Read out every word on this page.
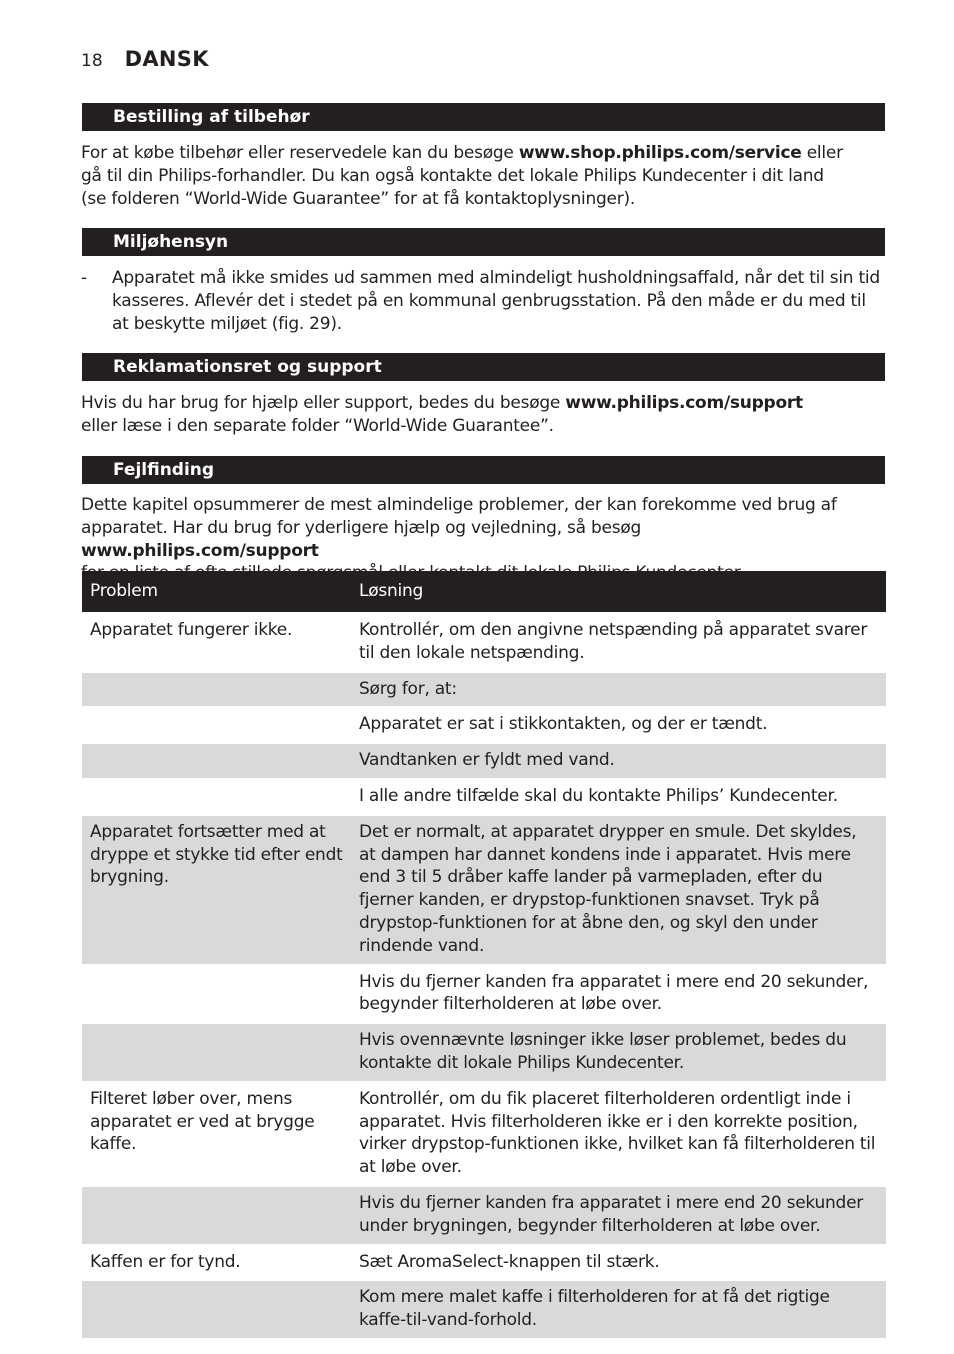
18 DANSK
Bestilling af tilbehør
For at købe tilbehør eller reservedele kan du besøge www.shop.philips.com/service eller
gå til din Philips-forhandler. Du kan også kontakte det lokale Philips Kundecenter i dit land
(se folderen “World-Wide Guarantee” for at få kontaktoplysninger).
Miljøhensyn
- Apparatet må ikke smides ud sammen med almindeligt husholdningsaffald, når det til sin tid
kasseres. Aflevér det i stedet på en kommunal genbrugsstation. På den måde er du med til
at beskytte miljøet (fig. 29).
Reklamationsret og support
Hvis du har brug for hjælp eller support, bedes du besøge www.philips.com/support
eller læse i den separate folder “World-Wide Guarantee”.
Fejlfinding
Dette kapitel opsummerer de mest almindelige problemer, der kan forekomme ved brug af
apparatet. Har du brug for yderligere hjælp og vejledning, så besøg www.philips.com/support

Problem	Løsning
Apparatet fungerer ikke.	Kontrollér, om den angivne netspænding på apparatet svarer til den lokale netspænding.
	Sørg for, at:
	Apparatet er sat i stikkontakten, og der er tændt.
	Vandtanken er fyldt med vand.
	I alle andre tilfælde skal du kontakte Philips’ Kundecenter.
Apparatet fortsætter med at dryppe et stykke tid efter endt brygning.	Det er normalt, at apparatet drypper en smule. Det skyldes, at dampen har dannet kondens inde i apparatet. Hvis mere end 3 til 5 dråber kaffe lander på varmepladen, efter du fjerner kanden, er drypstop-funktionen snavset. Tryk på drypstop-funktionen for at åbne den, og skyl den under rindende vand.
	Hvis du fjerner kanden fra apparatet i mere end 20 sekunder, begynder filterholderen at løbe over.
	Hvis ovennævnte løsninger ikke løser problemet, bedes du kontakte dit lokale Philips Kundecenter.
Filteret løber over, mens apparatet er ved at brygge kaffe.	Kontrollér, om du fik placeret filterholderen ordentligt inde i apparatet. Hvis filterholderen ikke er i den korrekte position, virker drypstop-funktionen ikke, hvilket kan få filterholderen til at løbe over.
	Hvis du fjerner kanden fra apparatet i mere end 20 sekunder under brygningen, begynder filterholderen at løbe over.
Kaffen er for tynd.	Sæt AromaSelect-knappen til stærk.
	Kom mere malet kaffe i filterholderen for at få det rigtige kaffe-til-vand-forhold.
